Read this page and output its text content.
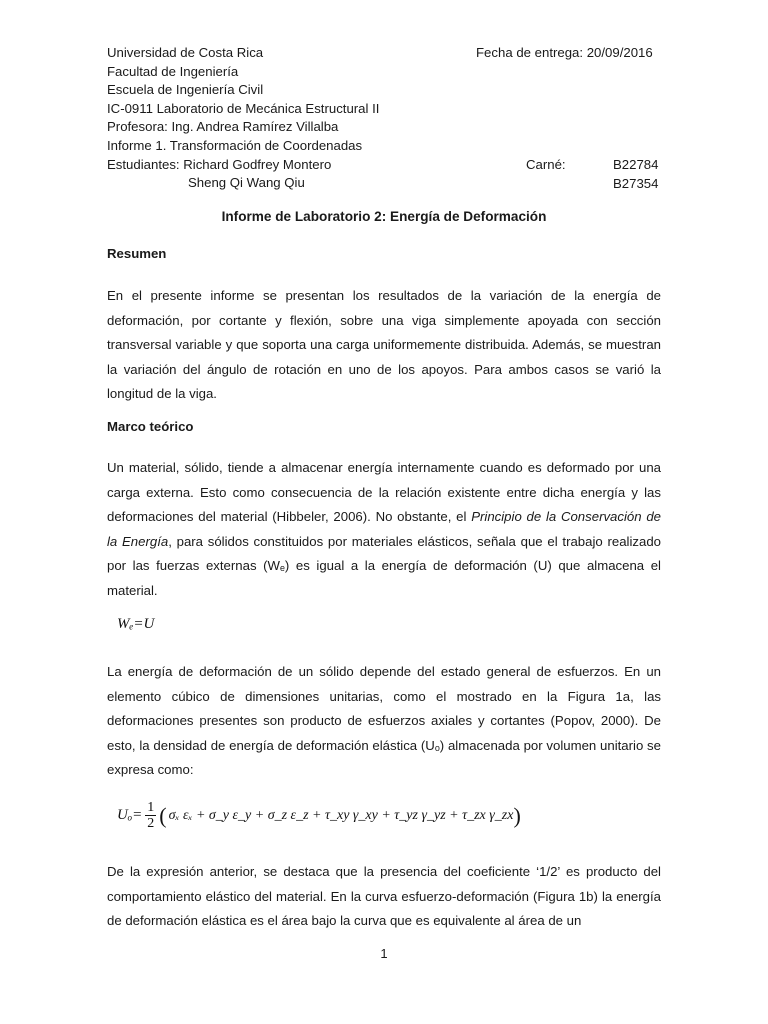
Universidad de Costa Rica
Facultad de Ingeniería
Escuela de Ingeniería Civil
IC-0911 Laboratorio de Mecánica Estructural II
Profesora: Ing. Andrea Ramírez Villalba
Informe 1. Transformación de Coordenadas
Estudiantes: Richard Godfrey Montero
Sheng Qi Wang Qiu
Fecha de entrega: 20/09/2016
Carné:	B22784
B27354
Informe de Laboratorio 2: Energía de Deformación
Resumen

En el presente informe se presentan los resultados de la variación de la energía de deformación, por cortante y flexión, sobre una viga simplemente apoyada con sección transversal variable y que soporta una carga uniformemente distribuida. Además, se muestran la variación del ángulo de rotación en uno de los apoyos. Para ambos casos se varió la longitud de la viga.

Marco teórico

Un material, sólido, tiende a almacenar energía internamente cuando es deformado por una carga externa. Esto como consecuencia de la relación existente entre dicha energía y las deformaciones del material (Hibbeler, 2006). No obstante, el Principio de la Conservación de la Energía, para sólidos constituidos por materiales elásticos, señala que el trabajo realizado por las fuerzas externas (Wₑ) es igual a la energía de deformación (U) que almacena el material.

Wₑ=U

La energía de deformación de un sólido depende del estado general de esfuerzos. En un elemento cúbico de dimensiones unitarias, como el mostrado en la Figura 1a, las deformaciones presentes son producto de esfuerzos axiales y cortantes (Popov, 2000). De esto, la densidad de energía de deformación elástica (Uₒ) almacenada por volumen unitario se expresa como:

$U_o= \frac{1}{2}$ ( σₓ εₓ + σ_y ε_y + σ_z ε_z + τ_xy γ_xy + τ_yz γ_yz + τ_zx γ_zx )

De la expresión anterior, se destaca que la presencia del coeficiente ‘1/2’ es producto del comportamiento elástico del material. En la curva esfuerzo-deformación (Figura 1b) la energía de deformación elástica es el área bajo la curva que es equivalente al área de un

1
